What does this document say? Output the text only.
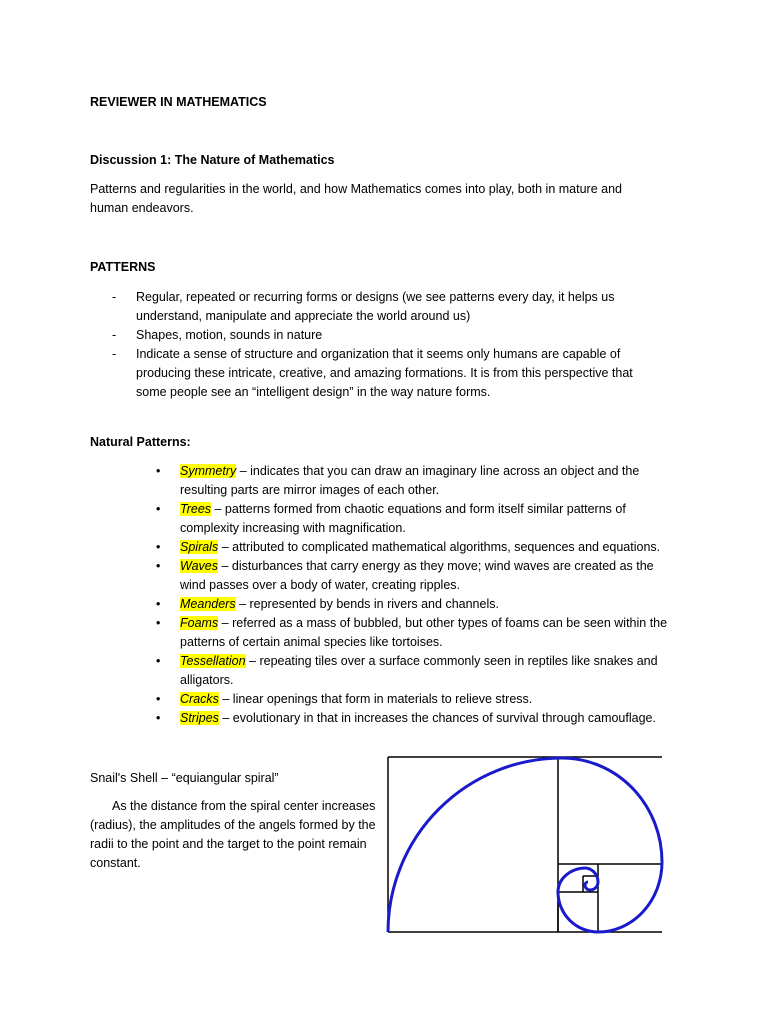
REVIEWER IN MATHEMATICS
Discussion 1: The Nature of Mathematics
Patterns and regularities in the world, and how Mathematics comes into play, both in mature and human endeavors.
PATTERNS
- Regular, repeated or recurring forms or designs (we see patterns every day, it helps us understand, manipulate and appreciate the world around us)
- Shapes, motion, sounds in nature
- Indicate a sense of structure and organization that it seems only humans are capable of producing these intricate, creative, and amazing formations. It is from this perspective that some people see an “intelligent design” in the way nature forms.
Natural Patterns:
• Symmetry – indicates that you can draw an imaginary line across an object and the resulting parts are mirror images of each other.
• Trees – patterns formed from chaotic equations and form itself similar patterns of complexity increasing with magnification.
• Spirals – attributed to complicated mathematical algorithms, sequences and equations.
• Waves – disturbances that carry energy as they move; wind waves are created as the wind passes over a body of water, creating ripples.
• Meanders – represented by bends in rivers and channels.
• Foams – referred as a mass of bubbled, but other types of foams can be seen within the patterns of certain animal species like tortoises.
• Tessellation – repeating tiles over a surface commonly seen in reptiles like snakes and alligators.
• Cracks – linear openings that form in materials to relieve stress.
• Stripes – evolutionary in that in increases the chances of survival through camouflage.
Snail's Shell – “equiangular spiral”
As the distance from the spiral center increases (radius), the amplitudes of the angels formed by the radii to the point and the target to the point remain constant.
